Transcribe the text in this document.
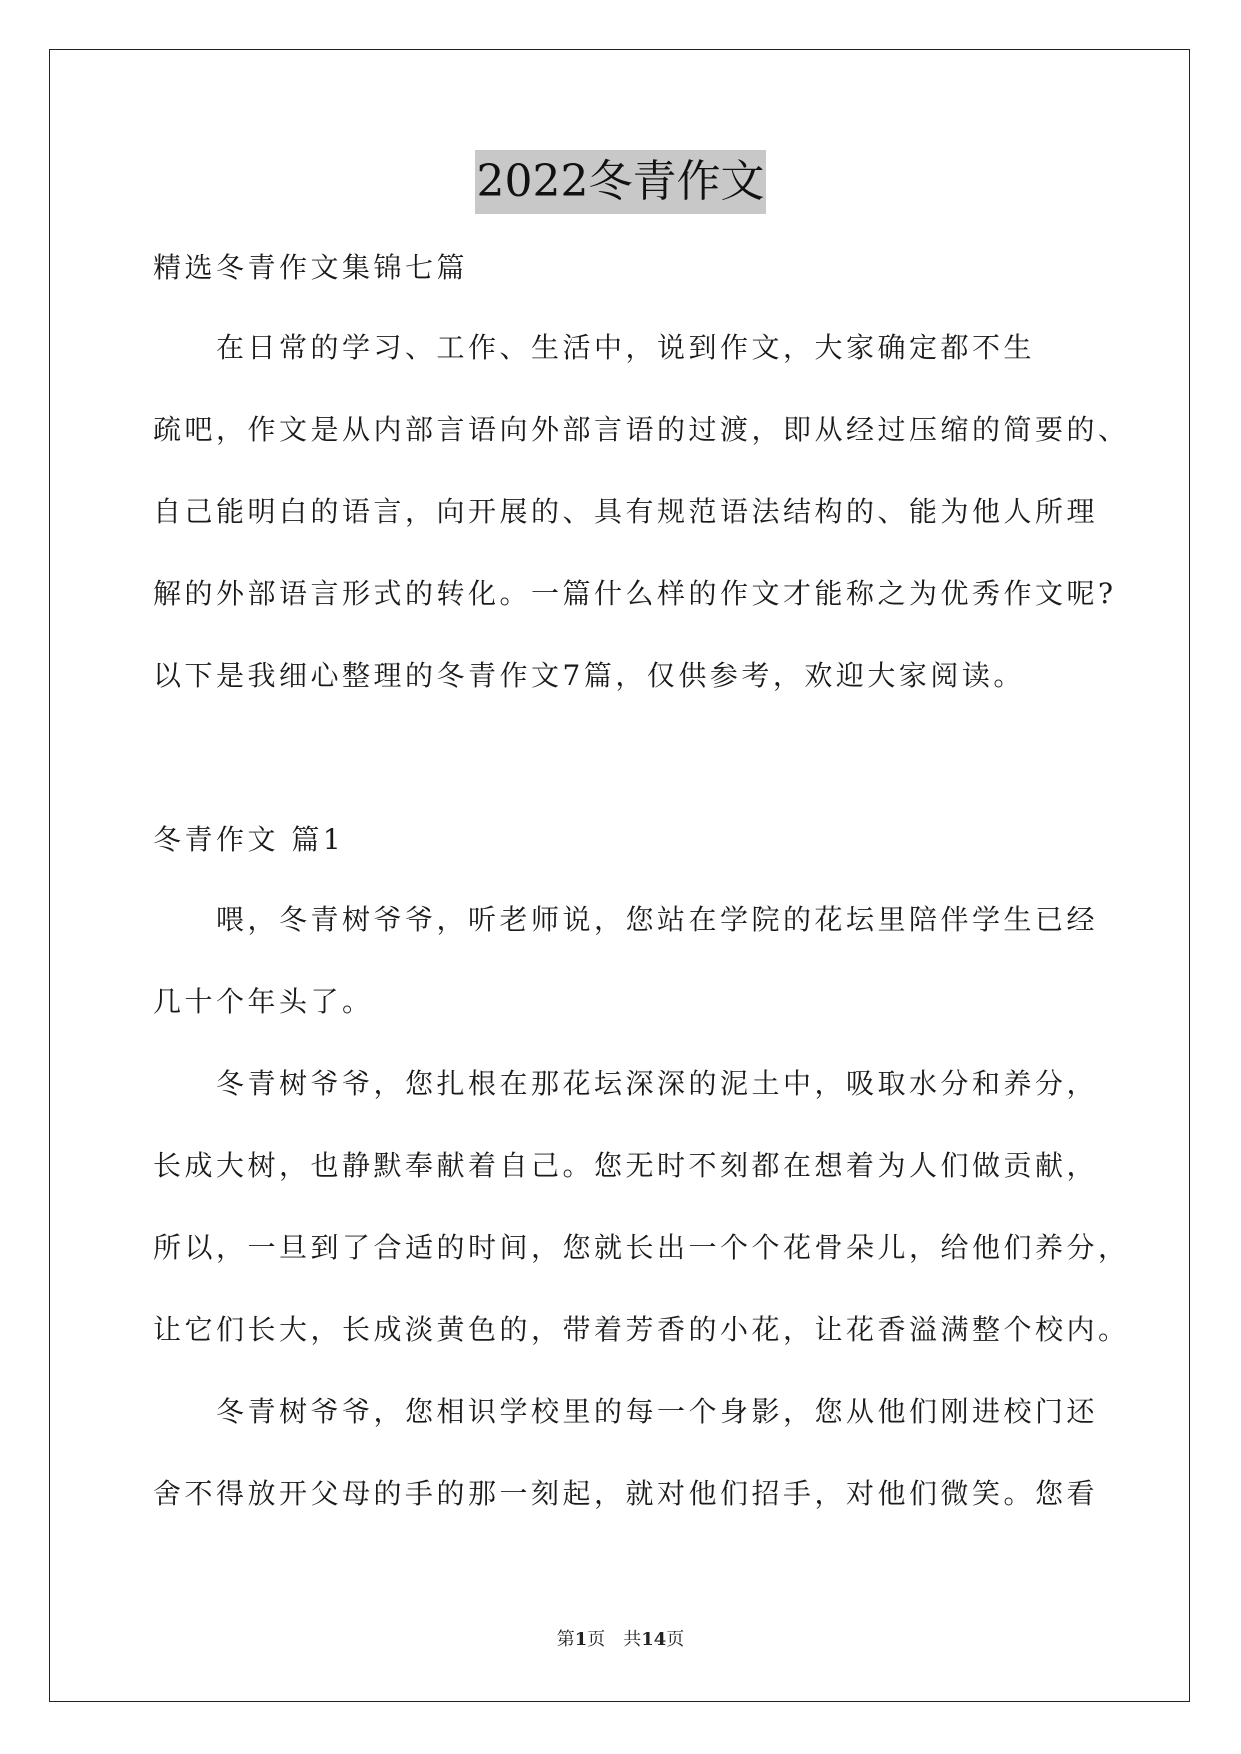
2022冬青作文
精选冬青作文集锦七篇
　　在日常的学习、工作、生活中，说到作文，大家确定都不生
疏吧，作文是从内部言语向外部言语的过渡，即从经过压缩的简要的、
自己能明白的语言，向开展的、具有规范语法结构的、能为他人所理
解的外部语言形式的转化。一篇什么样的作文才能称之为优秀作文呢?
以下是我细心整理的冬青作文7篇，仅供参考，欢迎大家阅读。
冬青作文 篇1
　　喂，冬青树爷爷，听老师说，您站在学院的花坛里陪伴学生已经
几十个年头了。
　　冬青树爷爷，您扎根在那花坛深深的泥土中，吸取水分和养分，
长成大树，也静默奉献着自己。您无时不刻都在想着为人们做贡献，
所以，一旦到了合适的时间，您就长出一个个花骨朵儿，给他们养分，
让它们长大，长成淡黄色的，带着芳香的小花，让花香溢满整个校内。
　　冬青树爷爷，您相识学校里的每一个身影，您从他们刚进校门还
舍不得放开父母的手的那一刻起，就对他们招手，对他们微笑。您看
第1页　共14页
